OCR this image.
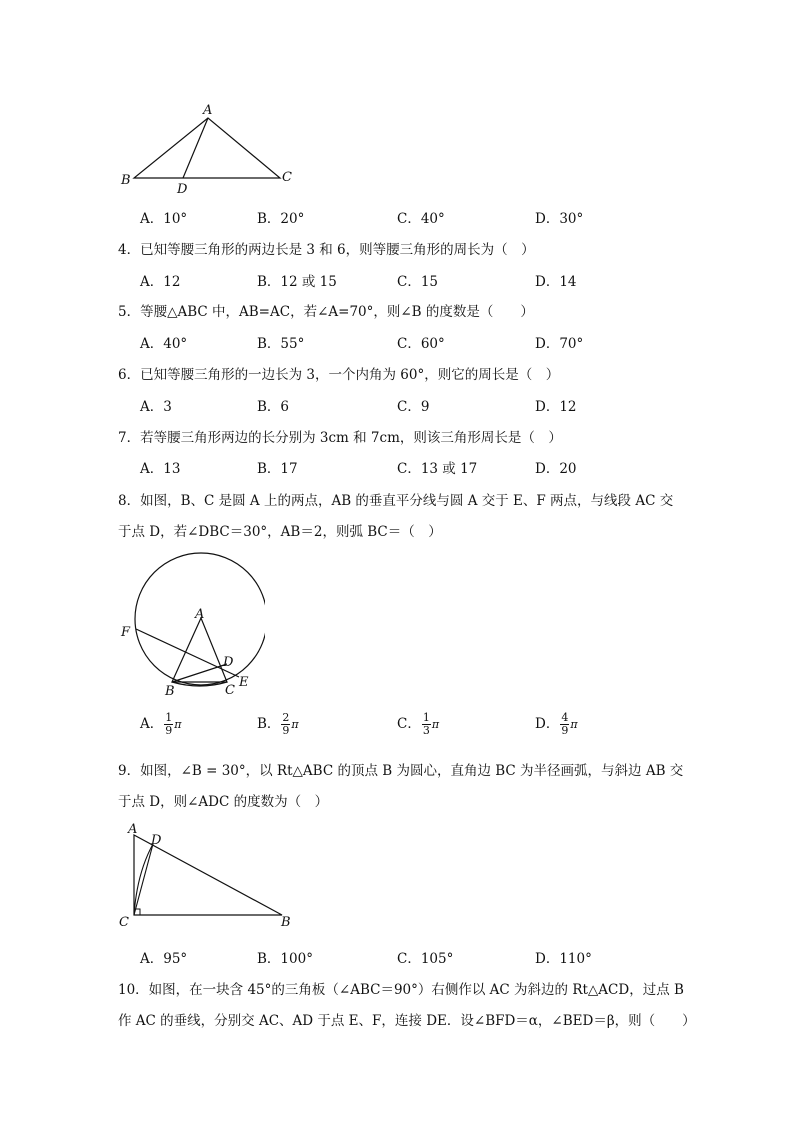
A
B	C
D
A．10°	B．20°	C．40°	D．30°
4．已知等腰三角形的两边长是 3 和 6，则等腰三角形的周长为（　）
A．12	B．12 或 15	C．15	D．14
5．等腰△ABC 中，AB=AC，若∠A=70°，则∠B 的度数是（　　）
A．40°	B．55°	C．60°	D．70°
6．已知等腰三角形的一边长为 3，一个内角为 60°，则它的周长是（　）
A．3	B．6	C．9	D．12
7．若等腰三角形两边的长分别为 3cm 和 7cm，则该三角形周长是（　）
A．13	B．17	C．13 或 17	D．20
8．如图，B、C 是圆 A 上的两点，AB 的垂直平分线与圆 A 交于 E、F 两点，与线段 AC 交
于点 D，若∠DBC＝30°，AB＝2，则弧 BC＝（　）
A
B	C
D
E
F
A． $\frac{1}{9}$ π	B． $\frac{2}{9}$ π	C． $\frac{1}{3}$ π	D． $\frac{4}{9}$ π
9．如图，∠B = 30°，以 Rt△ABC 的顶点 B 为圆心，直角边 BC 为半径画弧，与斜边 AB 交
于点 D，则∠ADC 的度数为（　）
A
D
C	B
A．95°	B．100°	C．105°	D．110°
10．如图，在一块含 45°的三角板（∠ABC＝90°）右侧作以 AC 为斜边的 Rt△ACD，过点 B
作 AC 的垂线，分别交 AC、AD 于点 E、F，连接 DE．设∠BFD＝α，∠BED＝β，则（　　）
